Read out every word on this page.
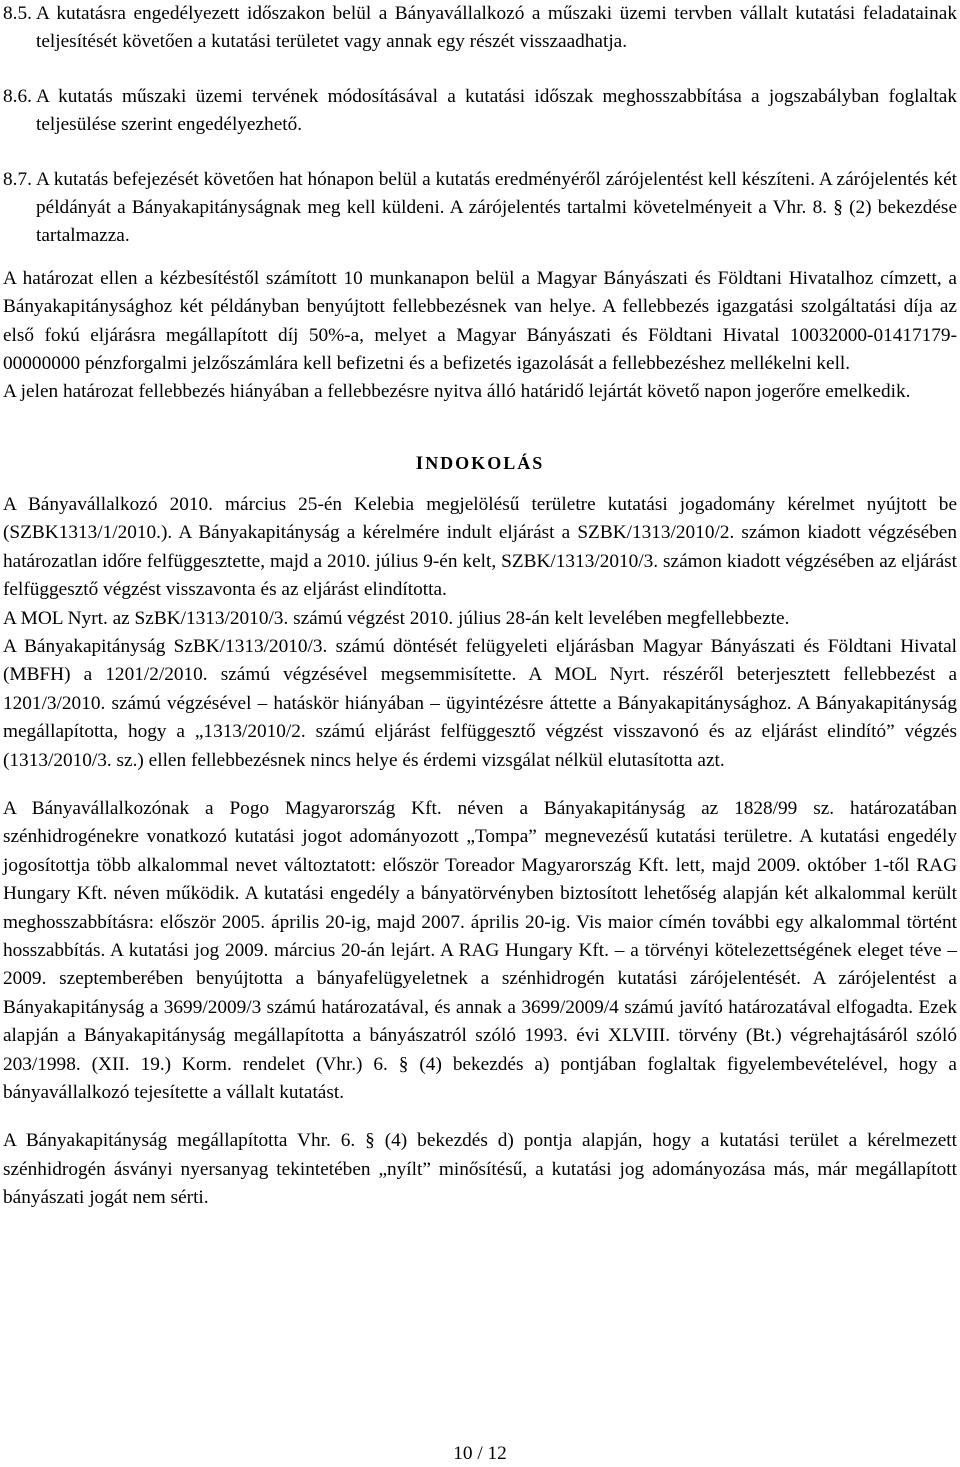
8.5. A kutatásra engedélyezett időszakon belül a Bányavállalkozó a műszaki üzemi tervben vállalt kutatási feladatainak teljesítését követően a kutatási területet vagy annak egy részét visszaadhatja.

8.6. A kutatás műszaki üzemi tervének módosításával a kutatási időszak meghosszabbítása a jogszabályban foglaltak teljesülése szerint engedélyezhető.

8.7. A kutatás befejezését követően hat hónapon belül a kutatás eredményéről zárójelentést kell készíteni. A zárójelentés két példányát a Bányakapitányságnak meg kell küldeni. A zárójelentés tartalmi követelményeit a Vhr. 8. § (2) bekezdése tartalmazza.

A határozat ellen a kézbesítéstől számított 10 munkanapon belül a Magyar Bányászati és Földtani Hivatalhoz címzett, a Bányakapitánysághoz két példányban benyújtott fellebbezésnek van helye. A fellebbezés igazgatási szolgáltatási díja az első fokú eljárásra megállapított díj 50%-a, melyet a Magyar Bányászati és Földtani Hivatal 10032000-01417179-00000000 pénzforgalmi jelzőszámlára kell befizetni és a befizetés igazolását a fellebbezéshez mellékelni kell.

A jelen határozat fellebbezés hiányában a fellebbezésre nyitva álló határidő lejártát követő napon jogerőre emelkedik.

INDOKOLÁS

A Bányavállalkozó 2010. március 25-én Kelebia megjelölésű területre kutatási jogadomány kérelmet nyújtott be (SZBK1313/1/2010.). A Bányakapitányság a kérelmére indult eljárást a SZBK/1313/2010/2. számon kiadott végzésében határozatlan időre felfüggesztette, majd a 2010. július 9-én kelt, SZBK/1313/2010/3. számon kiadott végzésében az eljárást felfüggesztő végzést visszavonta és az eljárást elindította.

A MOL Nyrt. az SzBK/1313/2010/3. számú végzést 2010. július 28-án kelt levelében megfellebbezte.

A Bányakapitányság SzBK/1313/2010/3. számú döntését felügyeleti eljárásban Magyar Bányászati és Földtani Hivatal (MBFH) a 1201/2/2010. számú végzésével megsemmisítette. A MOL Nyrt. részéről beterjesztett fellebbezést a 1201/3/2010. számú végzésével – hatáskör hiányában – ügyintézésre áttette a Bányakapitánysághoz. A Bányakapitányság megállapította, hogy a „1313/2010/2. számú eljárást felfüggesztő végzést visszavonó és az eljárást elindító” végzés (1313/2010/3. sz.) ellen fellebbezésnek nincs helye és érdemi vizsgálat nélkül elutasította azt.

A Bányavállalkozónak a Pogo Magyarország Kft. néven a Bányakapitányság az 1828/99 sz. határozatában szénhidrogénekre vonatkozó kutatási jogot adományozott „Tompa” megnevezésű kutatási területre. A kutatási engedély jogosítottja több alkalommal nevet változtatott: először Toreador Magyarország Kft. lett, majd 2009. október 1-től RAG Hungary Kft. néven működik. A kutatási engedély a bányatörvényben biztosított lehetőség alapján két alkalommal került meghosszabbításra: először 2005. április 20-ig, majd 2007. április 20-ig. Vis maior címén további egy alkalommal történt hosszabbítás. A kutatási jog 2009. március 20-án lejárt. A RAG Hungary Kft. – a törvényi kötelezettségének eleget téve – 2009. szeptemberében benyújtotta a bányafelügyeletnek a szénhidrogén kutatási zárójelentését. A zárójelentést a Bányakapitányság a 3699/2009/3 számú határozatával, és annak a 3699/2009/4 számú javító határozatával elfogadta. Ezek alapján a Bányakapitányság megállapította a bányászatról szóló 1993. évi XLVIII. törvény (Bt.) végrehajtásáról szóló 203/1998. (XII. 19.) Korm. rendelet (Vhr.) 6. § (4) bekezdés a) pontjában foglaltak figyelembevételével, hogy a bányavállalkozó tejesítette a vállalt kutatást.

A Bányakapitányság megállapította Vhr. 6. § (4) bekezdés d) pontja alapján, hogy a kutatási terület a kérelmezett szénhidrogén ásványi nyersanyag tekintetében „nyílt” minősítésű, a kutatási jog adományozása más, már megállapított bányászati jogát nem sérti.

10 / 12
